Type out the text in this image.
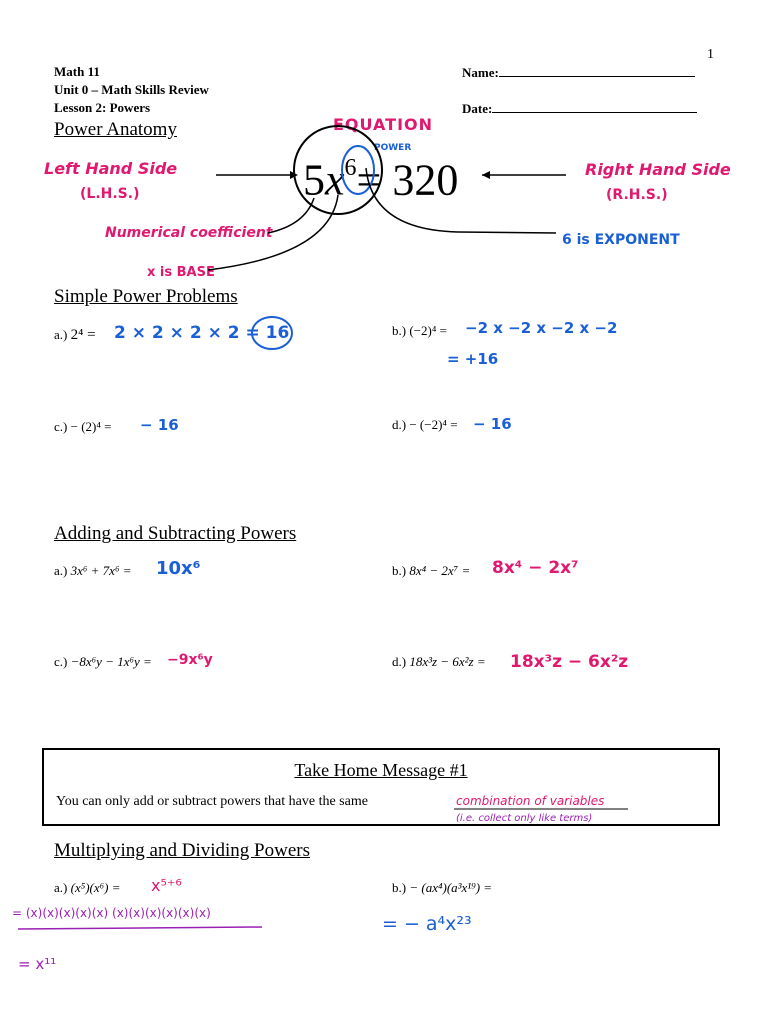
1
Math 11
Unit 0 – Math Skills Review
Lesson 2: Powers
Name:
Date:
Power Anatomy
$5x^6= 320$
EQUATION
POWER
Left Hand Side
(L.H.S.)
Right Hand Side
(R.H.S.)
Numerical coefficient	6 is EXPONENT
x is BASE
Simple Power Problems
a.) 2⁴ = 2 × 2 × 2 × 2 = 16	b.) (−2)⁴ = −2 x −2 x −2 x −2
= +16
c.) − (2)⁴ = − 16	d.) − (−2)⁴ = − 16
Adding and Subtracting Powers
a.) 3x⁶ + 7x⁶ = 10x⁶	b.) 8x⁴ − 2x⁷ = 8x⁴ − 2x⁷
c.) −8x⁶y − 1x⁶y = −9x⁶y	d.) 18x³z − 6x²z = 18x³z − 6x²z
Take Home Message #1
You can only add or subtract powers that have the same	combination of variables
(i.e. collect only like terms)
Multiplying and Dividing Powers
a.) (x⁵)(x⁶) = x⁵⁺⁶
= (x)(x)(x)(x)(x) (x)(x)(x)(x)(x)(x)
= x¹¹
b.) − (ax⁴)(a³x¹⁹) =
= − a⁴x²³
